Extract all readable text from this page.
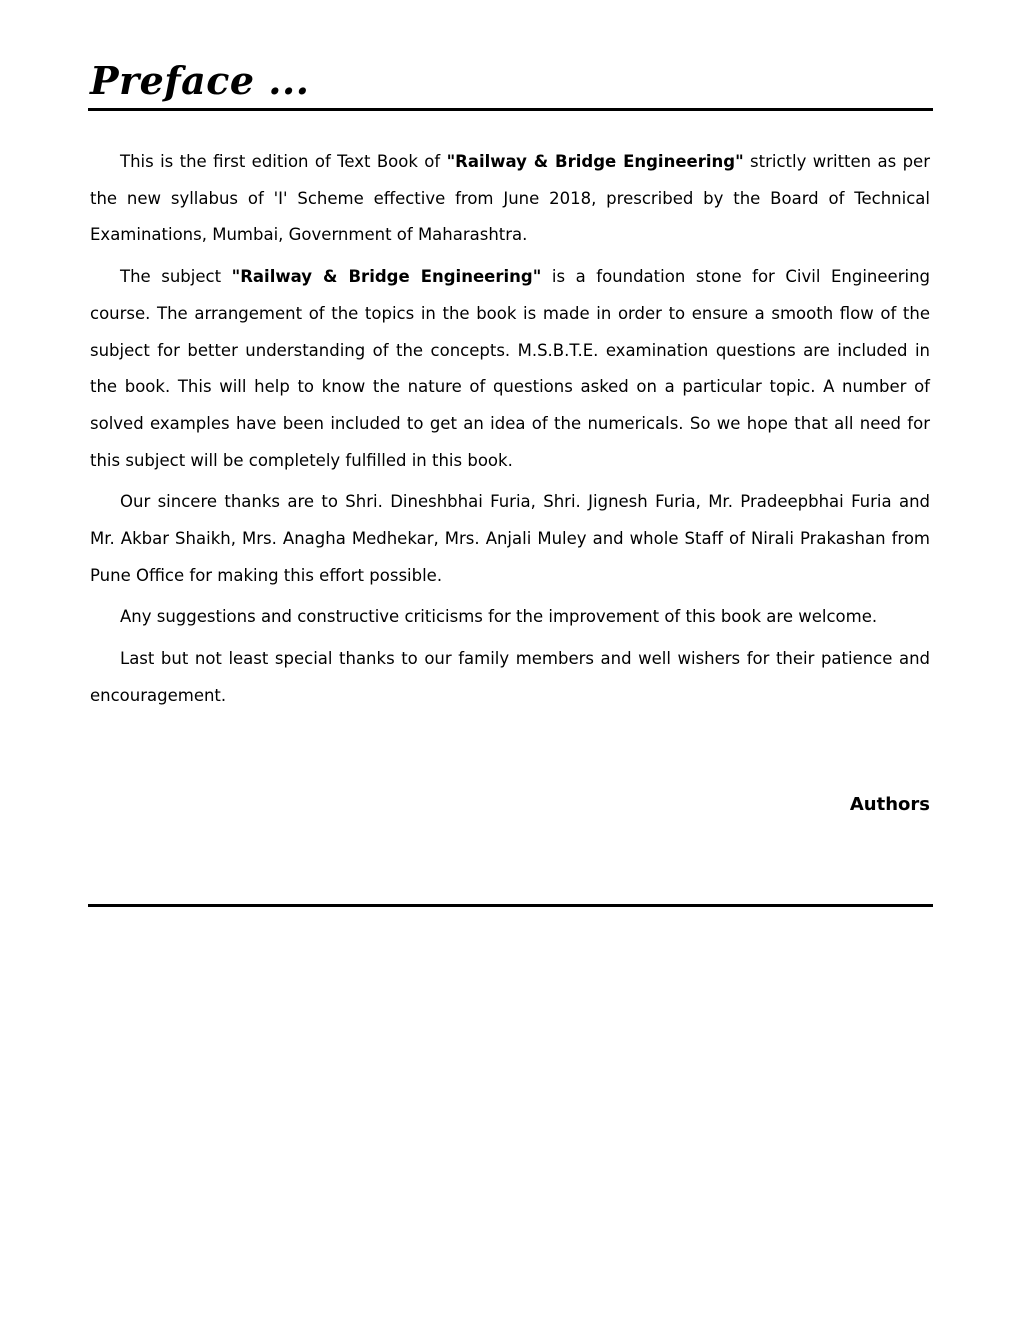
Preface ...

This is the first edition of Text Book of "Railway & Bridge Engineering" strictly written as per the new syllabus of 'I' Scheme effective from June 2018, prescribed by the Board of Technical Examinations, Mumbai, Government of Maharashtra.

The subject "Railway & Bridge Engineering" is a foundation stone for Civil Engineering course. The arrangement of the topics in the book is made in order to ensure a smooth flow of the subject for better understanding of the concepts. M.S.B.T.E. examination questions are included in the book. This will help to know the nature of questions asked on a particular topic. A number of solved examples have been included to get an idea of the numericals. So we hope that all need for this subject will be completely fulfilled in this book.

Our sincere thanks are to Shri. Dineshbhai Furia, Shri. Jignesh Furia, Mr. Pradeepbhai Furia and Mr. Akbar Shaikh, Mrs. Anagha Medhekar, Mrs. Anjali Muley and whole Staff of Nirali Prakashan from Pune Office for making this effort possible.

Any suggestions and constructive criticisms for the improvement of this book are welcome.

Last but not least special thanks to our family members and well wishers for their patience and encouragement.

Authors
